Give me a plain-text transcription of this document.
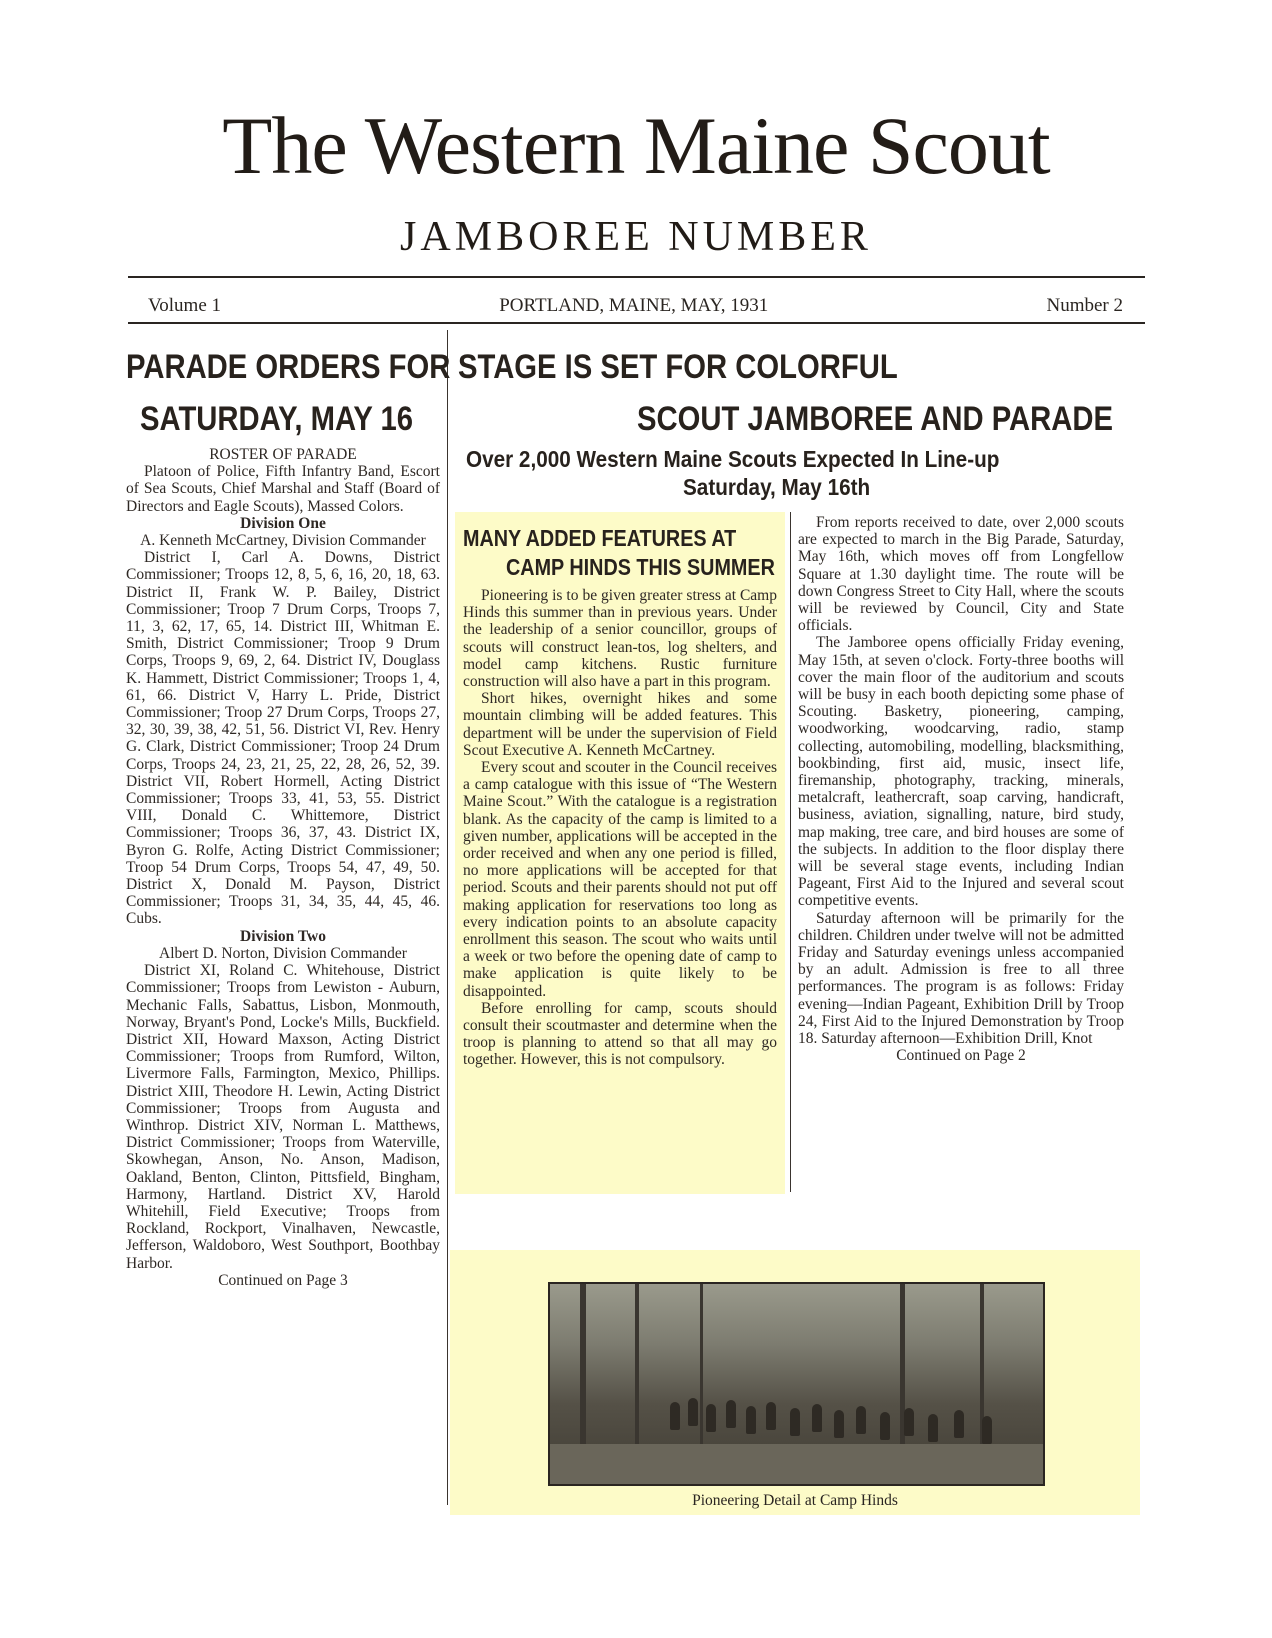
The Western Maine Scout
JAMBOREE NUMBER
Volume 1	PORTLAND, MAINE, MAY, 1931	Number 2
PARADE ORDERS FOR
SATURDAY, MAY 16

ROSTER OF PARADE

Platoon of Police, Fifth Infantry Band, Escort of Sea Scouts, Chief Marshal and Staff (Board of Directors and Eagle Scouts), Massed Colors.

Division One

A. Kenneth McCartney, Division Commander

District I, Carl A. Downs, District Commissioner; Troops 12, 8, 5, 6, 16, 20, 18, 63. District II, Frank W. P. Bailey, District Commissioner; Troop 7 Drum Corps, Troops 7, 11, 3, 62, 17, 65, 14. District III, Whitman E. Smith, District Commissioner; Troop 9 Drum Corps, Troops 9, 69, 2, 64. District IV, Douglass K. Hammett, District Commissioner; Troops 1, 4, 61, 66. District V, Harry L. Pride, District Commissioner; Troop 27 Drum Corps, Troops 27, 32, 30, 39, 38, 42, 51, 56. District VI, Rev. Henry G. Clark, District Commissioner; Troop 24 Drum Corps, Troops 24, 23, 21, 25, 22, 28, 26, 52, 39. District VII, Robert Hormell, Acting District Commissioner; Troops 33, 41, 53, 55. District VIII, Donald C. Whittemore, District Commissioner; Troops 36, 37, 43. District IX, Byron G. Rolfe, Acting District Commissioner; Troop 54 Drum Corps, Troops 54, 47, 49, 50. District X, Donald M. Payson, District Commissioner; Troops 31, 34, 35, 44, 45, 46. Cubs.

Division Two

Albert D. Norton, Division Commander

District XI, Roland C. Whitehouse, District Commissioner; Troops from Lewiston - Auburn, Mechanic Falls, Sabattus, Lisbon, Monmouth, Norway, Bryant's Pond, Locke's Mills, Buckfield. District XII, Howard Maxson, Acting District Commissioner; Troops from Rumford, Wilton, Livermore Falls, Farmington, Mexico, Phillips. District XIII, Theodore H. Lewin, Acting District Commissioner; Troops from Augusta and Winthrop. District XIV, Norman L. Matthews, District Commissioner; Troops from Waterville, Skowhegan, Anson, No. Anson, Madison, Oakland, Benton, Clinton, Pittsfield, Bingham, Harmony, Hartland. District XV, Harold Whitehill, Field Executive; Troops from Rockland, Rockport, Vinalhaven, Newcastle, Jefferson, Waldoboro, West Southport, Boothbay Harbor.

Continued on Page 3

STAGE IS SET FOR COLORFUL
SCOUT JAMBOREE AND PARADE
Over 2,000 Western Maine Scouts Expected In Line-up
Saturday, May 16th
MANY ADDED FEATURES AT
CAMP HINDS THIS SUMMER

Pioneering is to be given greater stress at Camp Hinds this summer than in previous years. Under the leadership of a senior councillor, groups of scouts will construct lean-tos, log shelters, and model camp kitchens. Rustic furniture construction will also have a part in this program.

Short hikes, overnight hikes and some mountain climbing will be added features. This department will be under the supervision of Field Scout Executive A. Kenneth McCartney.

Every scout and scouter in the Council receives a camp catalogue with this issue of “The Western Maine Scout.” With the catalogue is a registration blank. As the capacity of the camp is limited to a given number, applications will be accepted in the order received and when any one period is filled, no more applications will be accepted for that period. Scouts and their parents should not put off making application for reservations too long as every indication points to an absolute capacity enrollment this season. The scout who waits until a week or two before the opening date of camp to make application is quite likely to be disappointed.

Before enrolling for camp, scouts should consult their scoutmaster and determine when the troop is planning to attend so that all may go together. However, this is not compulsory.

From reports received to date, over 2,000 scouts are expected to march in the Big Parade, Saturday, May 16th, which moves off from Longfellow Square at 1.30 daylight time. The route will be down Congress Street to City Hall, where the scouts will be reviewed by Council, City and State officials.

The Jamboree opens officially Friday evening, May 15th, at seven o'clock. Forty-three booths will cover the main floor of the auditorium and scouts will be busy in each booth depicting some phase of Scouting. Basketry, pioneering, camping, woodworking, woodcarving, radio, stamp collecting, automobiling, modelling, blacksmithing, bookbinding, first aid, music, insect life, firemanship, photography, tracking, minerals, metalcraft, leathercraft, soap carving, handicraft, business, aviation, signalling, nature, bird study, map making, tree care, and bird houses are some of the subjects. In addition to the floor display there will be several stage events, including Indian Pageant, First Aid to the Injured and several scout competitive events.

Saturday afternoon will be primarily for the children. Children under twelve will not be admitted Friday and Saturday evenings unless accompanied by an adult. Admission is free to all three performances. The program is as follows: Friday evening—Indian Pageant, Exhibition Drill by Troop 24, First Aid to the Injured Demonstration by Troop 18. Saturday afternoon—Exhibition Drill, Knot

Continued on Page 2

Pioneering Detail at Camp Hinds
